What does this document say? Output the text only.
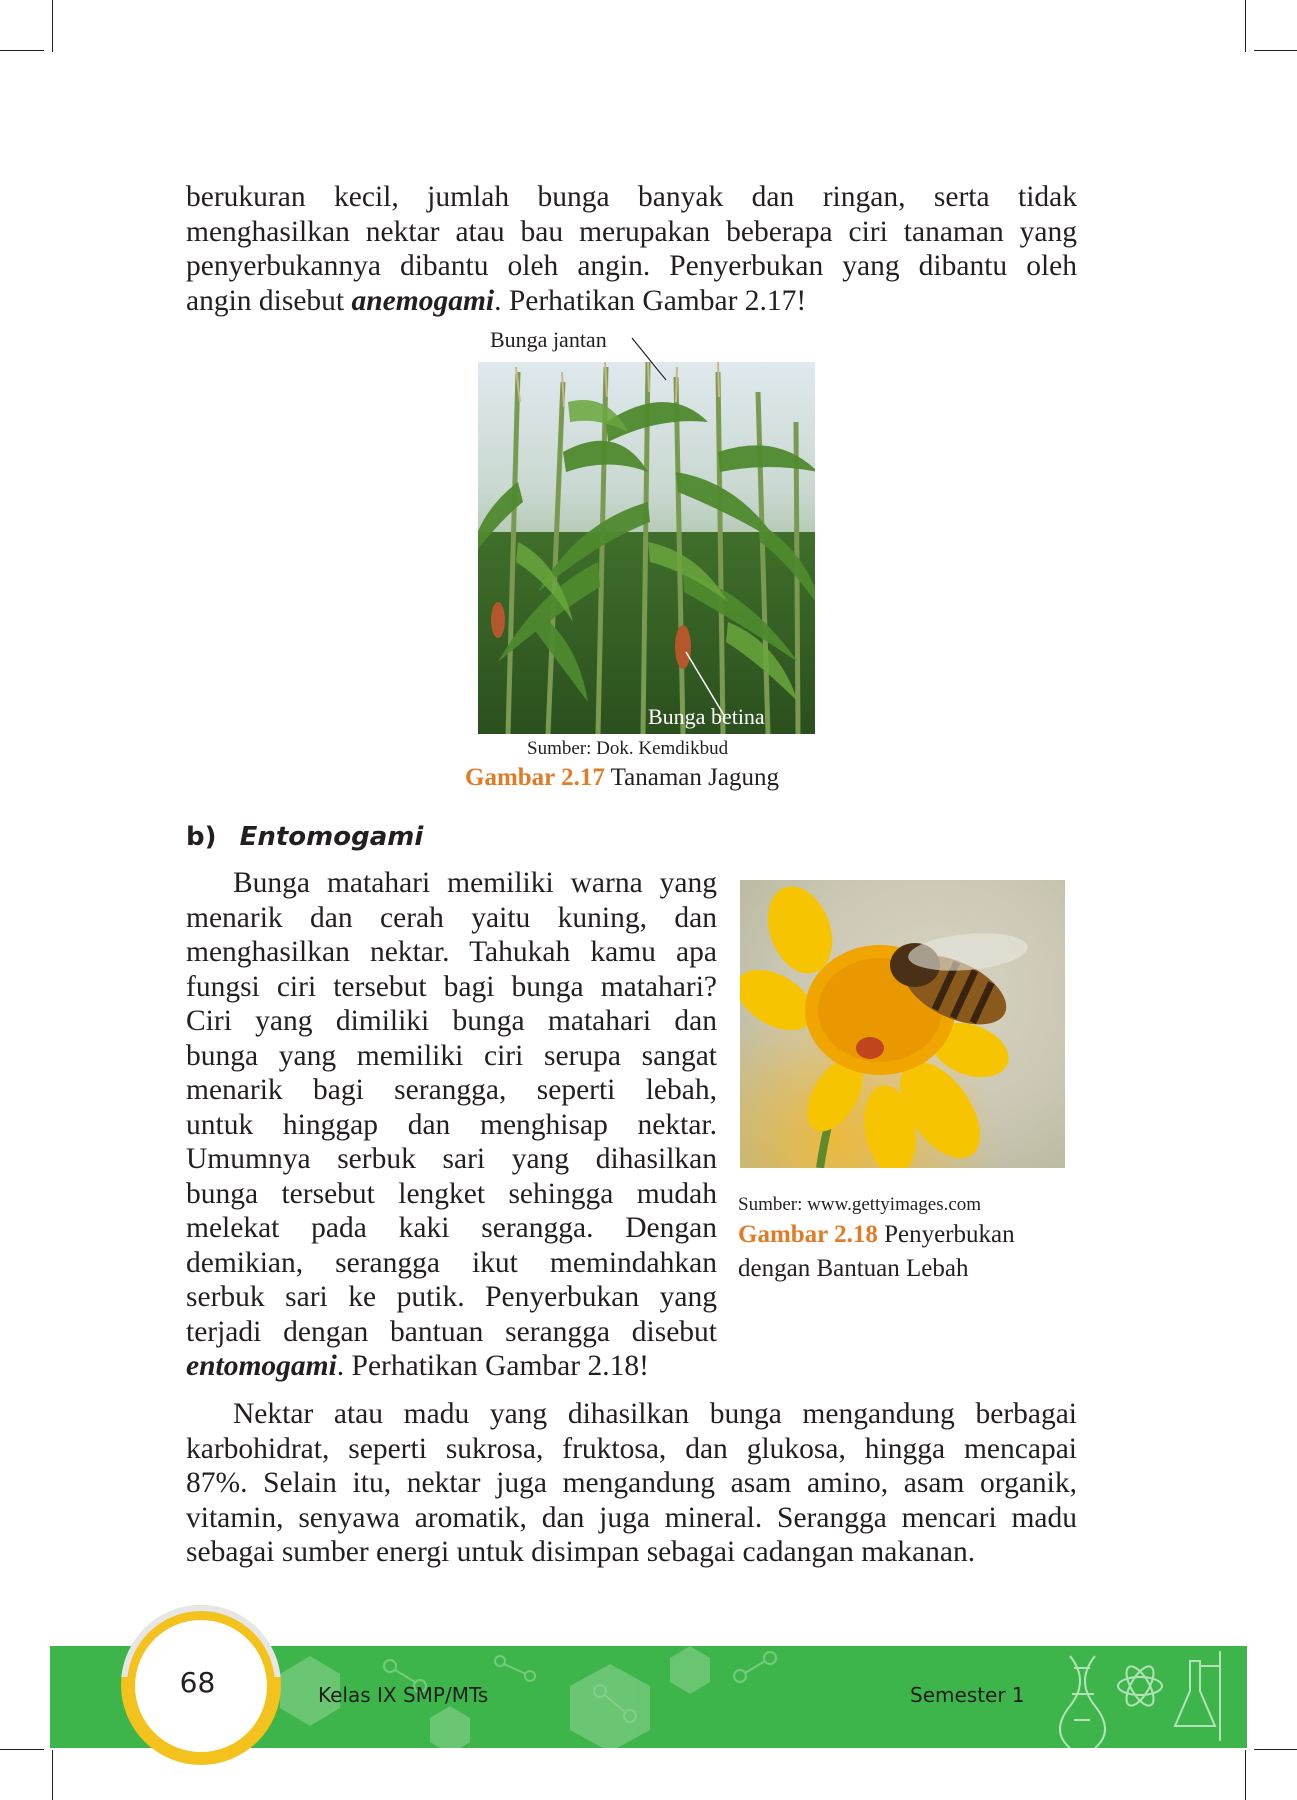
berukuran kecil, jumlah bunga banyak dan ringan, serta tidak
menghasilkan nektar atau bau merupakan beberapa ciri tanaman yang
penyerbukannya dibantu oleh angin. Penyerbukan yang dibantu oleh
angin disebut anemogami. Perhatikan Gambar 2.17!

Bunga jantan
Bunga betina
Sumber: Dok. Kemdikbud
Gambar 2.17 Tanaman Jagung
b) Entomogami

Bunga matahari memiliki warna yang
menarik dan cerah yaitu kuning, dan
menghasilkan nektar. Tahukah kamu apa
fungsi ciri tersebut bagi bunga matahari?
Ciri yang dimiliki bunga matahari dan
bunga yang memiliki ciri serupa sangat
menarik bagi serangga, seperti lebah,
untuk hinggap dan menghisap nektar.
Umumnya serbuk sari yang dihasilkan
bunga tersebut lengket sehingga mudah
melekat pada kaki serangga. Dengan
demikian, serangga ikut memindahkan
serbuk sari ke putik. Penyerbukan yang
terjadi dengan bantuan serangga disebut
entomogami. Perhatikan Gambar 2.18!

Sumber: www.gettyimages.com
Gambar 2.18 Penyerbukan
dengan Bantuan Lebah

Nektar atau madu yang dihasilkan bunga mengandung berbagai
karbohidrat, seperti sukrosa, fruktosa, dan glukosa, hingga mencapai
87%. Selain itu, nektar juga mengandung asam amino, asam organik,
vitamin, senyawa aromatik, dan juga mineral. Serangga mencari madu
sebagai sumber energi untuk disimpan sebagai cadangan makanan.

68	Kelas IX SMP/MTs	Semester 1
